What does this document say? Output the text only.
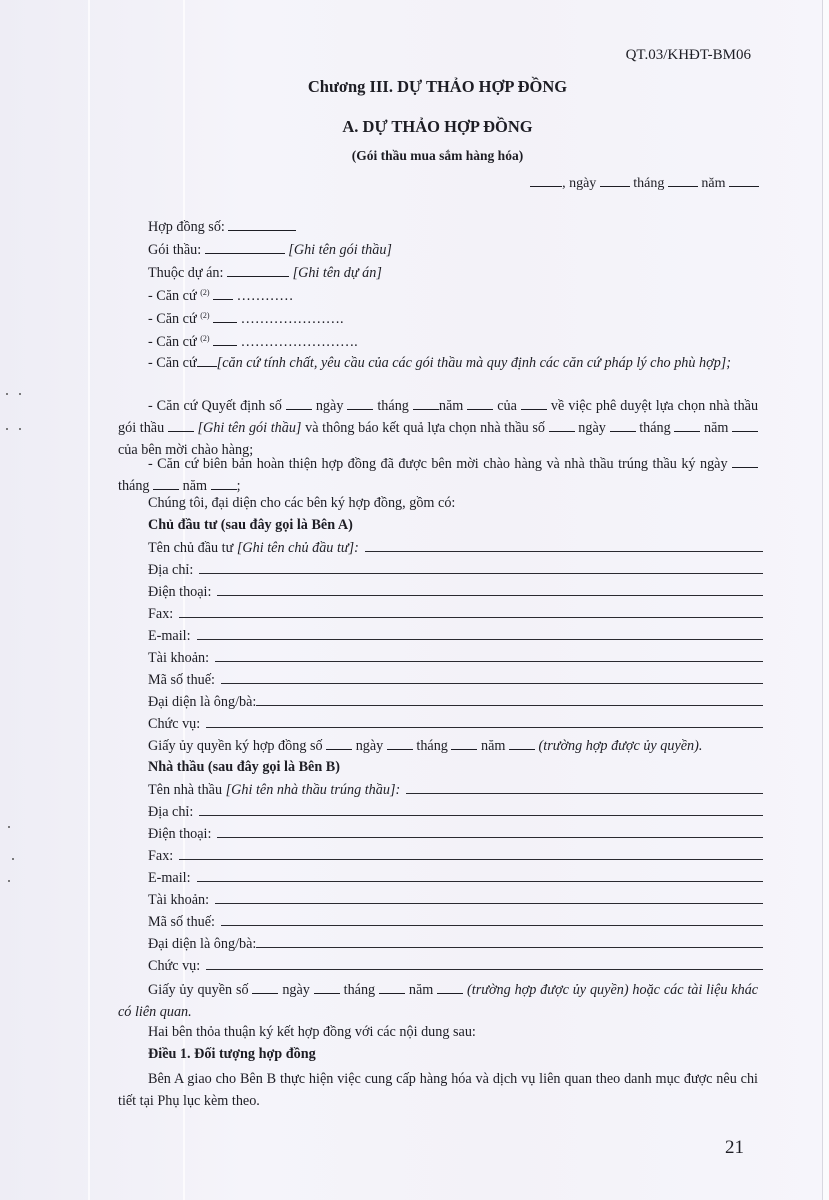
QT.03/KHĐT-BM06
Chương III. DỰ THẢO HỢP ĐỒNG
A. DỰ THẢO HỢP ĐỒNG
(Gói thầu mua sắm hàng hóa)
, ngày	tháng	năm
Hợp đồng số:
Gói thầu:	[Ghi tên gói thầu]
Thuộc dự án:	[Ghi tên dự án]
- Căn cứ $^{(2)}$ …………
- Căn cứ $^{(2)}$ ………………….
- Căn cứ $^{(2)}$ …………………….
- Căn cứ [căn cứ tính chất, yêu cầu của các gói thầu mà quy định các căn cứ pháp lý cho phù hợp];
- Căn cứ Quyết định số ngày tháng năm của về việc phê duyệt lựa chọn nhà thầu gói thầu [Ghi tên gói thầu] và thông báo kết quả lựa chọn nhà thầu số ngày tháng năm  của bên mời chào hàng;
- Căn cứ biên bản hoàn thiện hợp đồng đã được bên mời chào hàng và nhà thầu trúng thầu ký ngày  tháng năm ;
Chúng tôi, đại diện cho các bên ký hợp đồng, gồm có:
Chủ đầu tư (sau đây gọi là Bên A)
Tên chủ đầu tư
[Ghi tên chủ đầu tư]:
Địa chỉ:
Điện thoại:
Fax:
E-mail:
Tài khoản:
Mã số thuế:
Đại diện là ông/bà:
Chức vụ:
Giấy ủy quyền ký hợp đồng số ngày tháng năm (trường hợp được ủy quyền).
Nhà thầu (sau đây gọi là Bên B)
Tên nhà thầu
[Ghi tên nhà thầu trúng thầu]:
Địa chỉ:
Điện thoại:
Fax:
E-mail:
Tài khoản:
Mã số thuế:
Đại diện là ông/bà:
Chức vụ:
Giấy ủy quyền số ngày tháng năm (trường hợp được ủy quyền) hoặc các tài liệu khác có liên quan.
Hai bên thỏa thuận ký kết hợp đồng với các nội dung sau:
Điều 1. Đối tượng hợp đồng
Bên A giao cho Bên B thực hiện việc cung cấp hàng hóa và dịch vụ liên quan theo danh mục được nêu chi tiết tại Phụ lục kèm theo.
21
